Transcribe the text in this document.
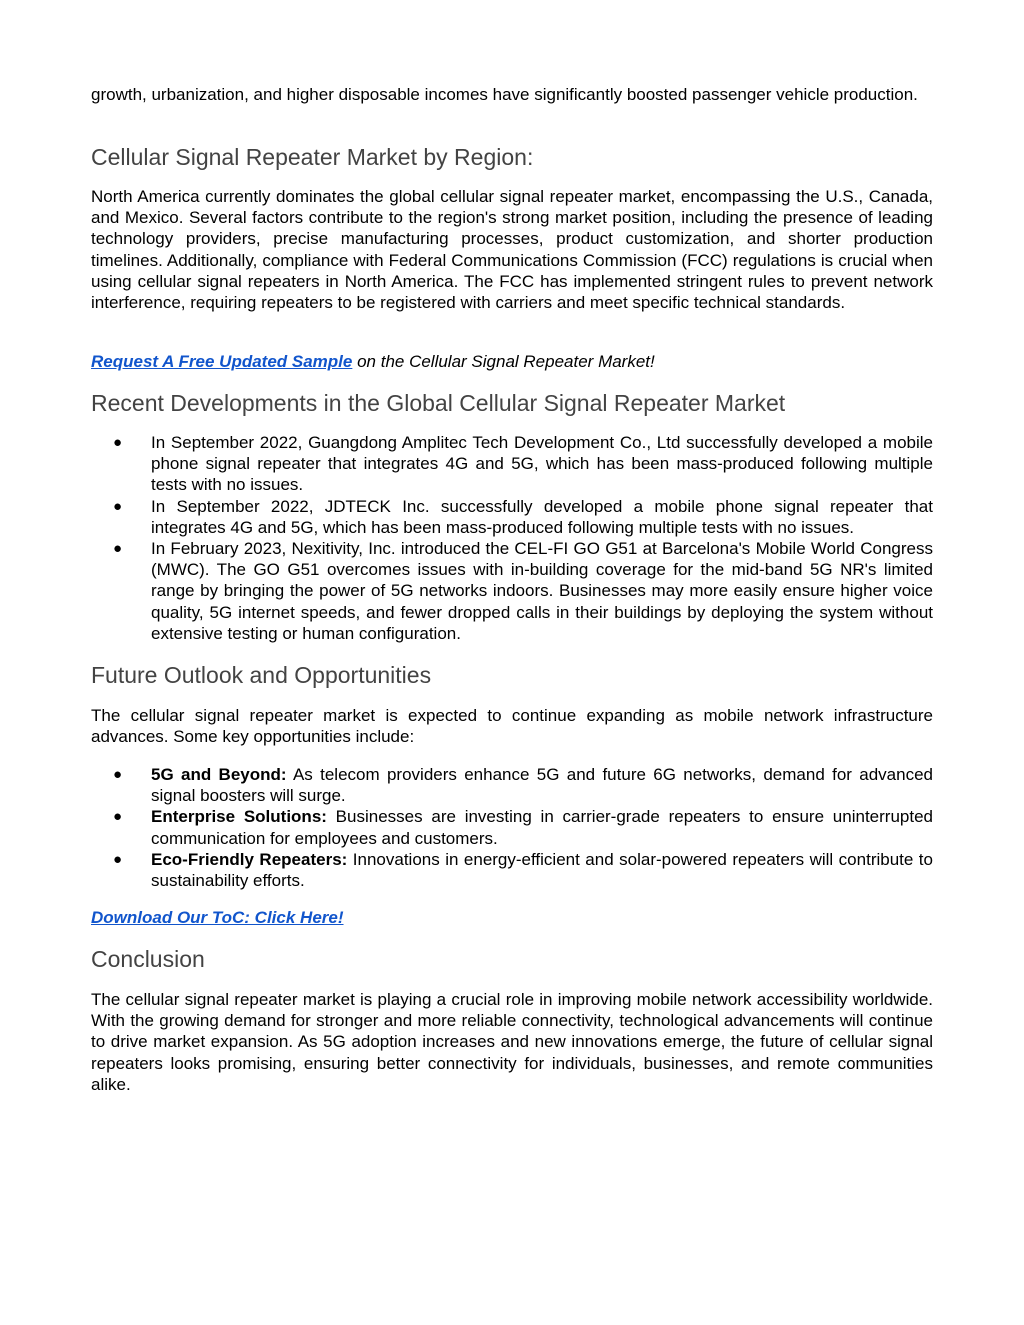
growth, urbanization, and higher disposable incomes have significantly boosted passenger vehicle production.

Cellular Signal Repeater Market by Region:

North America currently dominates the global cellular signal repeater market, encompassing the U.S., Canada, and Mexico. Several factors contribute to the region's strong market position, including the presence of leading technology providers, precise manufacturing processes, product customization, and shorter production timelines. Additionally, compliance with Federal Communications Commission (FCC) regulations is crucial when using cellular signal repeaters in North America. The FCC has implemented stringent rules to prevent network interference, requiring repeaters to be registered with carriers and meet specific technical standards.

Request A Free Updated Sample on the Cellular Signal Repeater Market!

Recent Developments in the Global Cellular Signal Repeater Market
● In September 2022, Guangdong Amplitec Tech Development Co., Ltd successfully developed a mobile phone signal repeater that integrates 4G and 5G, which has been mass-produced following multiple tests with no issues.
● In September 2022, JDTECK Inc. successfully developed a mobile phone signal repeater that integrates 4G and 5G, which has been mass-produced following multiple tests with no issues.
● In February 2023, Nexitivity, Inc. introduced the CEL-FI GO G51 at Barcelona's Mobile World Congress (MWC). The GO G51 overcomes issues with in-building coverage for the mid-band 5G NR's limited range by bringing the power of 5G networks indoors. Businesses may more easily ensure higher voice quality, 5G internet speeds, and fewer dropped calls in their buildings by deploying the system without extensive testing or human configuration.
Future Outlook and Opportunities

The cellular signal repeater market is expected to continue expanding as mobile network infrastructure advances. Some key opportunities include:

● 5G and Beyond: As telecom providers enhance 5G and future 6G networks, demand for advanced signal boosters will surge.
● Enterprise Solutions: Businesses are investing in carrier-grade repeaters to ensure uninterrupted communication for employees and customers.
● Eco-Friendly Repeaters: Innovations in energy-efficient and solar-powered repeaters will contribute to sustainability efforts.

Download Our ToC: Click Here!

Conclusion

The cellular signal repeater market is playing a crucial role in improving mobile network accessibility worldwide. With the growing demand for stronger and more reliable connectivity, technological advancements will continue to drive market expansion. As 5G adoption increases and new innovations emerge, the future of cellular signal repeaters looks promising, ensuring better connectivity for individuals, businesses, and remote communities alike.
